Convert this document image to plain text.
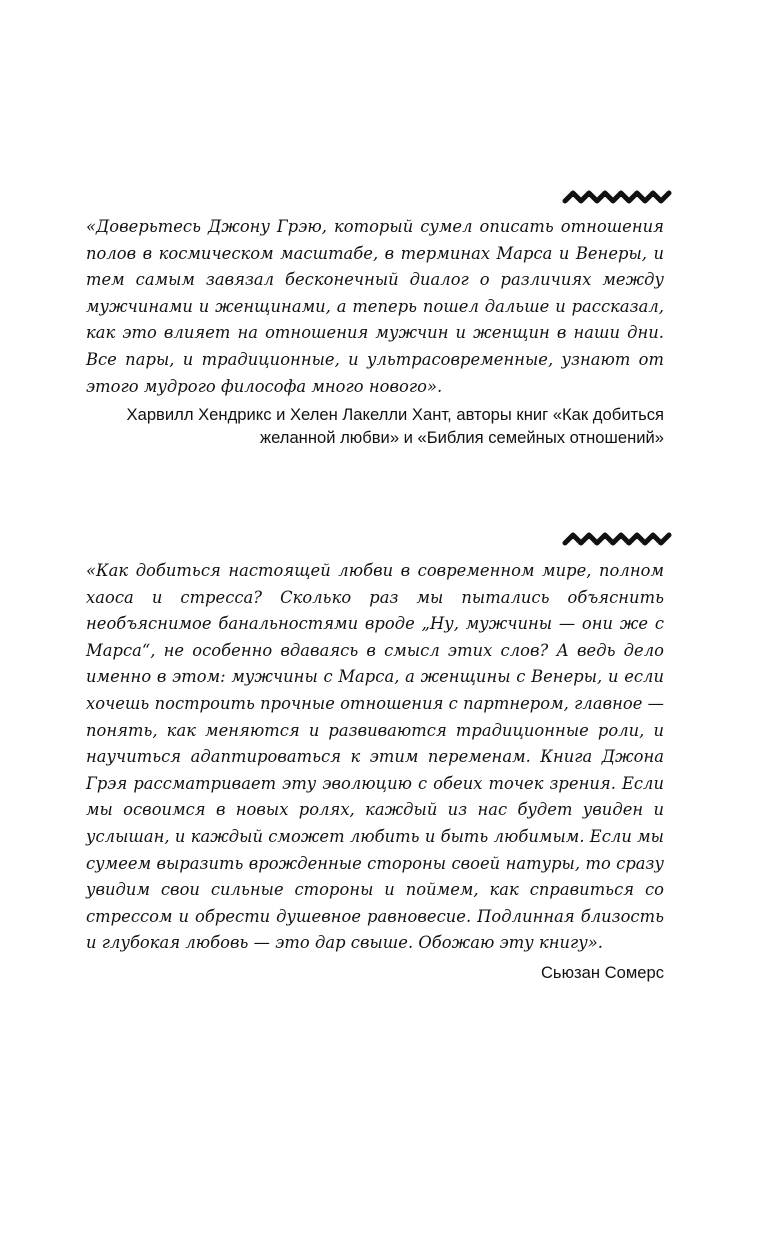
«Доверьтесь Джону Грэю, который сумел описать отношения полов в космическом масштабе, в терминах Марса и Венеры, и тем самым завязал бесконечный диалог о различиях между мужчинами и женщинами, а теперь пошел дальше и рассказал, как это влияет на отношения мужчин и женщин в наши дни. Все пары, и традиционные, и ультрасовременные, узнают от этого мудрого философа много нового».

Харвилл Хендрикс и Хелен Лакелли Хант, авторы книг «Как добиться желанной любви» и «Библия семейных отношений»

«Как добиться настоящей любви в современном мире, полном хаоса и стресса? Сколько раз мы пытались объяснить необъяснимое банальностями вроде „Ну, мужчины — они же с Марса“, не особенно вдаваясь в смысл этих слов? А ведь дело именно в этом: мужчины с Марса, а женщины с Венеры, и если хочешь построить прочные отношения с партнером, главное — понять, как меняются и развиваются традиционные роли, и научиться адаптироваться к этим переменам. Книга Джона Грэя рассматривает эту эволюцию с обеих точек зрения. Если мы освоимся в новых ролях, каждый из нас будет увиден и услышан, и каждый сможет любить и быть любимым. Если мы сумеем выразить врожденные стороны своей натуры, то сразу увидим свои сильные стороны и поймем, как справиться со стрессом и обрести душевное равновесие. Подлинная близость и глубокая любовь — это дар свыше. Обожаю эту книгу».

Сьюзан Сомерс
